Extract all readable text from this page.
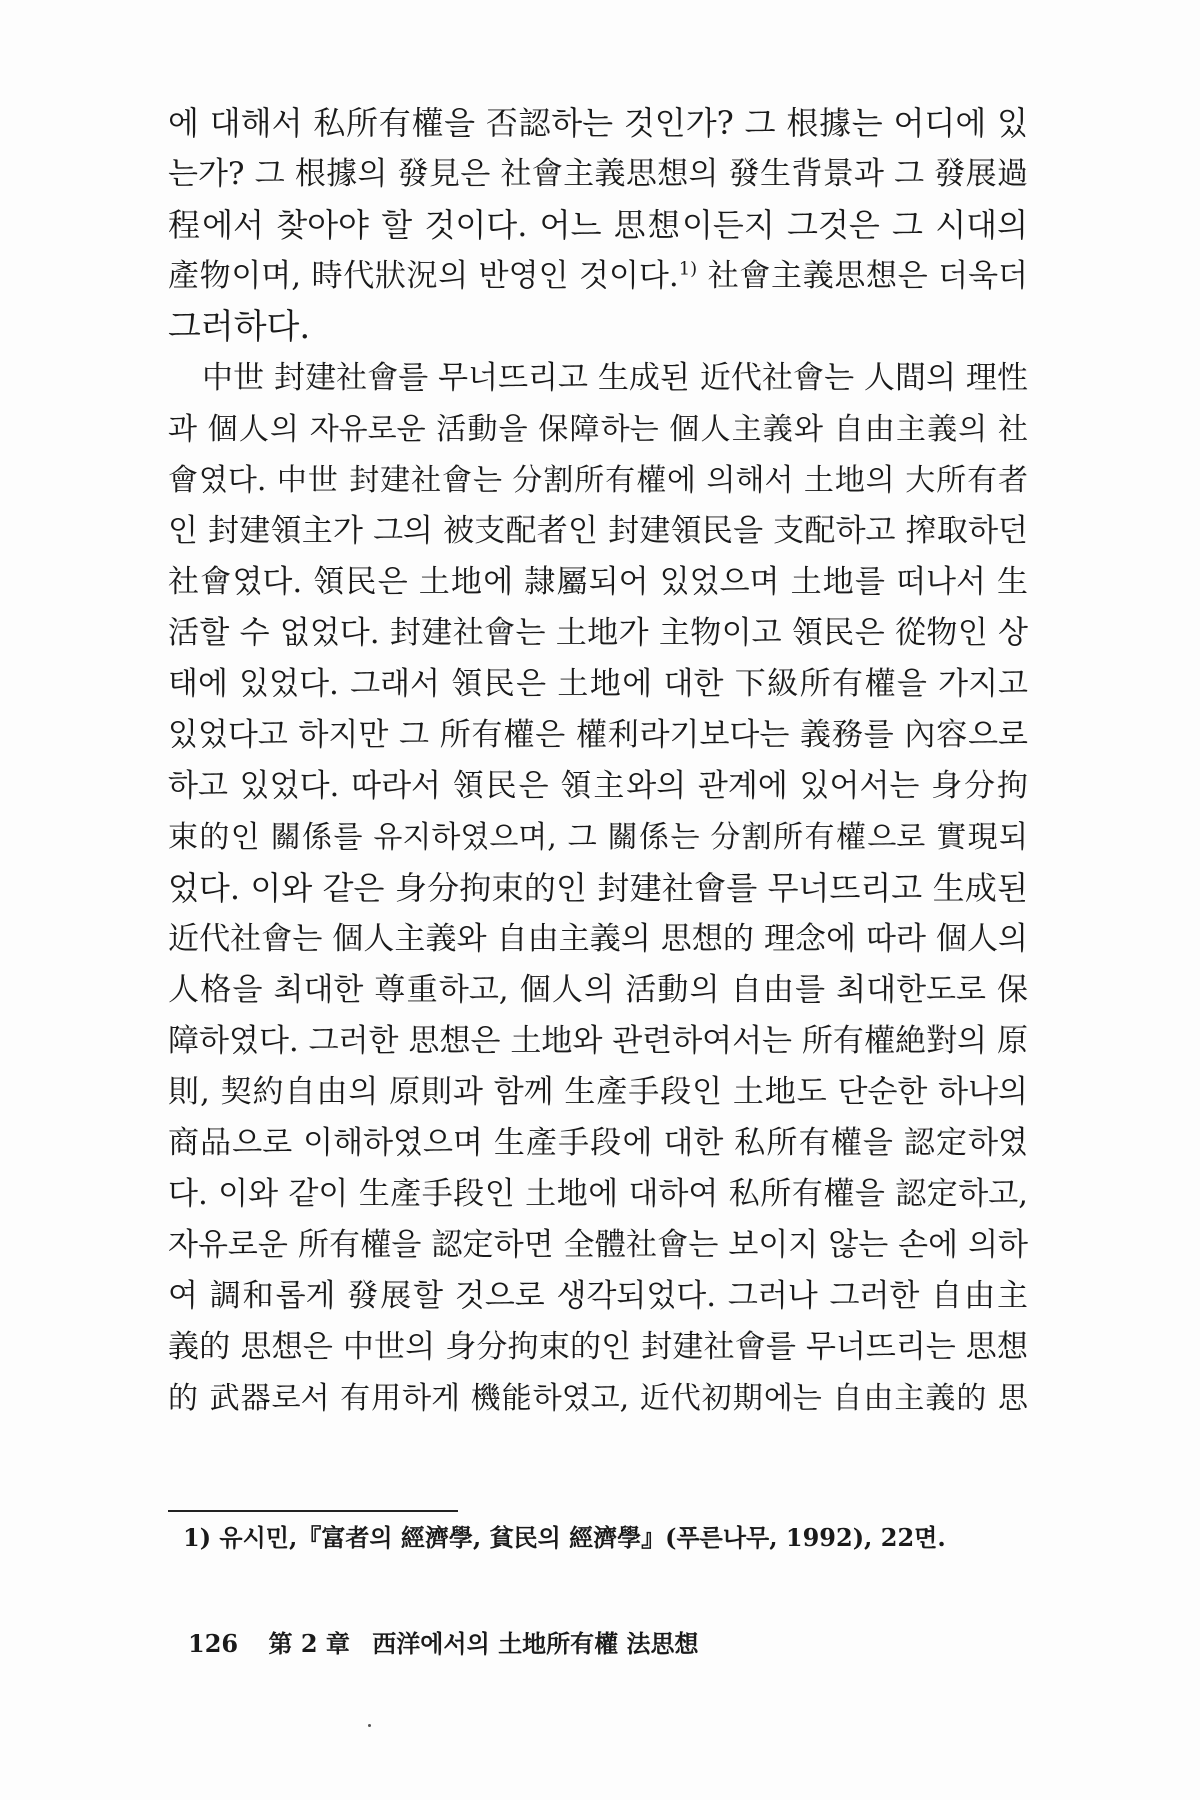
에 대해서 私所有權을 否認하는 것인가? 그 根據는 어디에 있
는가? 그 根據의 發見은 社會主義思想의 發生背景과 그 發展過
程에서 찾아야 할 것이다. 어느 思想이든지 그것은 그 시대의
產物이며, 時代狀況의 반영인 것이다.$^{1)}$ 社會主義思想은 더욱더
그러하다.
中世 封建社會를 무너뜨리고 生成된 近代社會는 人間의 理性
과 個人의 자유로운 活動을 保障하는 個人主義와 自由主義의 社
會였다. 中世 封建社會는 分割所有權에 의해서 土地의 大所有者
인 封建領主가 그의 被支配者인 封建領民을 支配하고 搾取하던
社會였다. 領民은 土地에 隷屬되어 있었으며 土地를 떠나서 生
活할 수 없었다. 封建社會는 土地가 主物이고 領民은 從物인 상
태에 있었다. 그래서 領民은 土地에 대한 下級所有權을 가지고
있었다고 하지만 그 所有權은 權利라기보다는 義務를 內容으로
하고 있었다. 따라서 領民은 領主와의 관계에 있어서는 身分拘
束的인 關係를 유지하였으며, 그 關係는 分割所有權으로 實現되
었다. 이와 같은 身分拘束的인 封建社會를 무너뜨리고 生成된
近代社會는 個人主義와 自由主義의 思想的 理念에 따라 個人의
人格을 최대한 尊重하고, 個人의 活動의 自由를 최대한도로 保
障하였다. 그러한 思想은 土地와 관련하여서는 所有權絶對의 原
則, 契約自由의 原則과 함께 生產手段인 土地도 단순한 하나의
商品으로 이해하였으며 生產手段에 대한 私所有權을 認定하였
다. 이와 같이 生產手段인 土地에 대하여 私所有權을 認定하고,
자유로운 所有權을 認定하면 全體社會는 보이지 않는 손에 의하
여 調和롭게 發展할 것으로 생각되었다. 그러나 그러한 自由主
義的 思想은 中世의 身分拘束的인 封建社會를 무너뜨리는 思想
的 武器로서 有用하게 機能하였고, 近代初期에는 自由主義的 思
1) 유시민,『富者의 經濟學, 貧民의 經濟學』(푸른나무, 1992), 22면.
126 第 2 章 西洋에서의 土地所有權 法思想
